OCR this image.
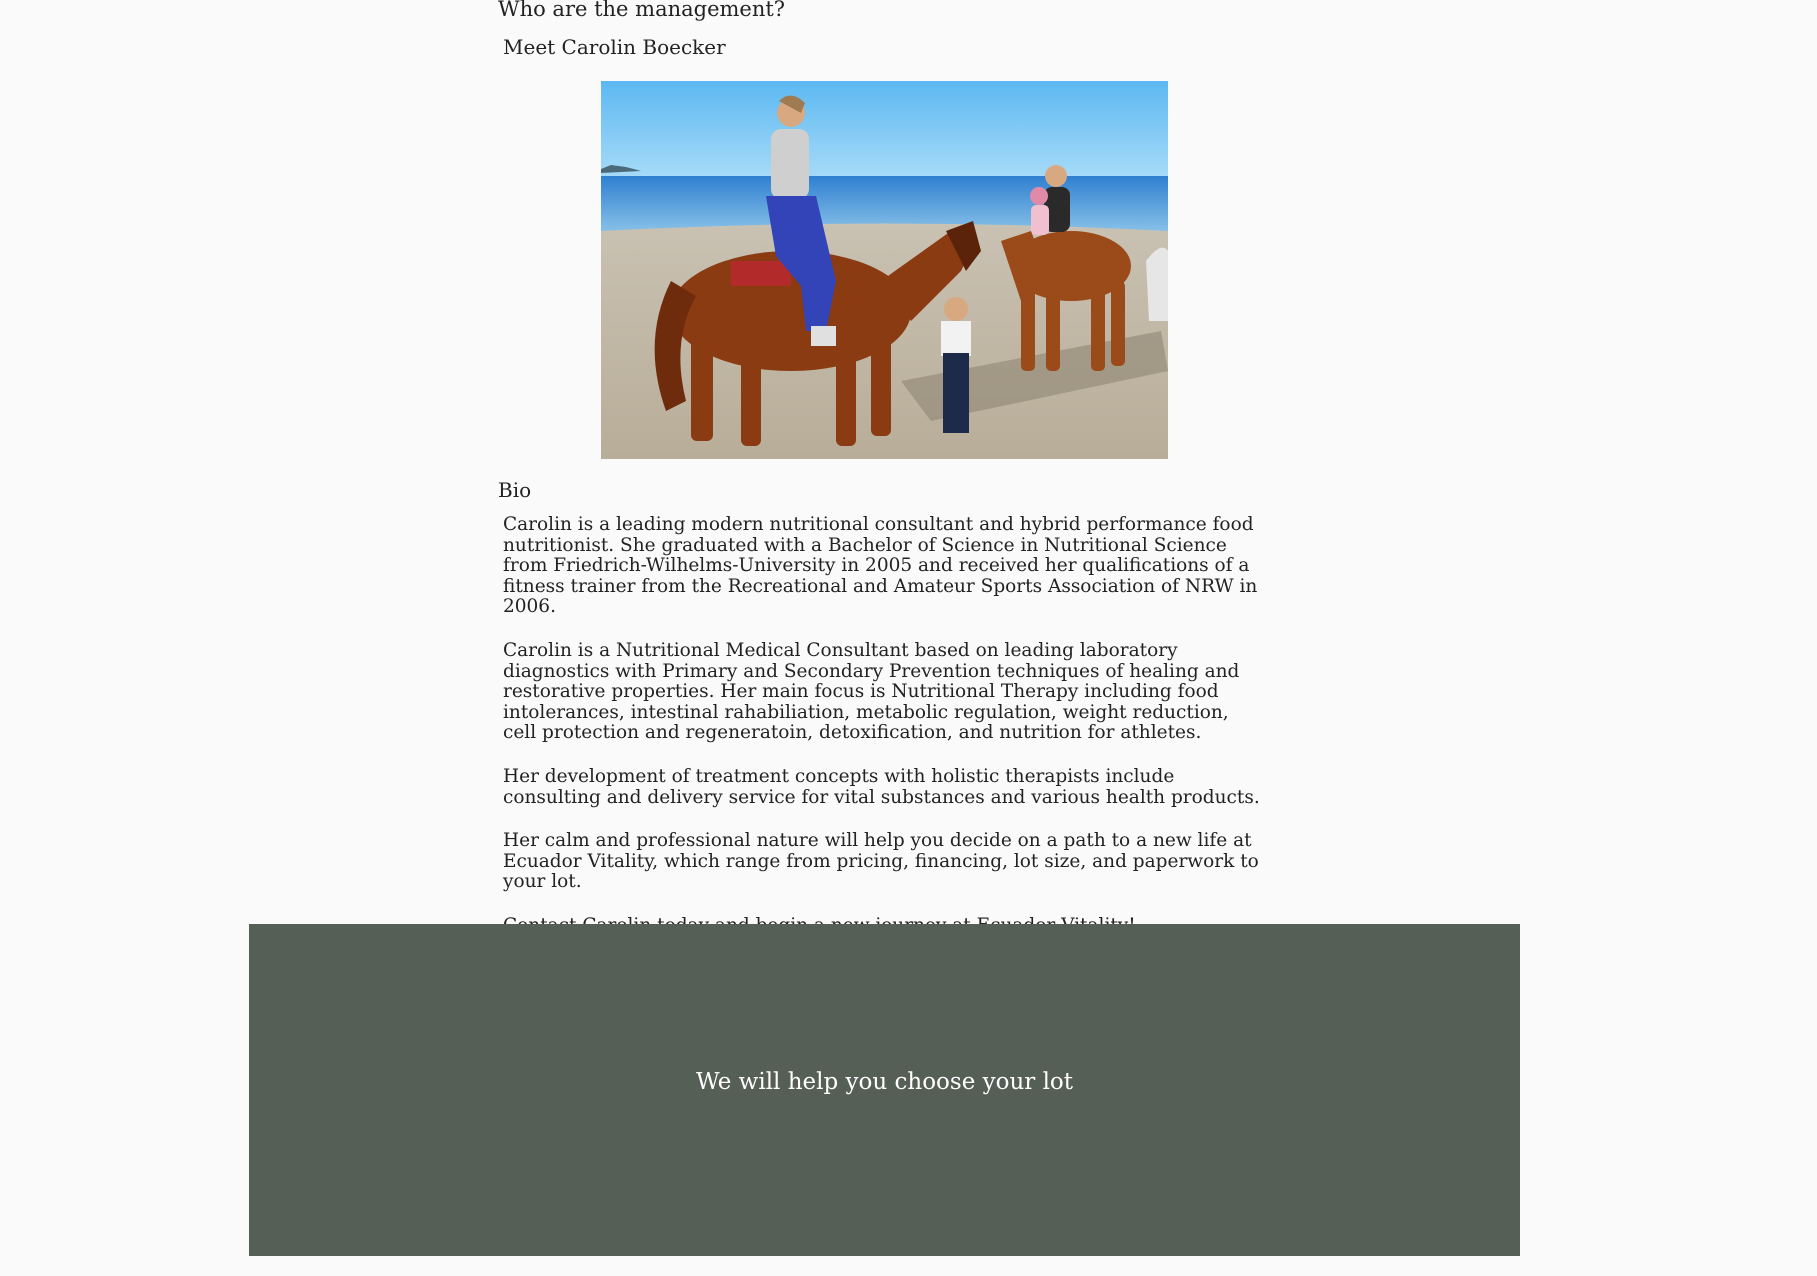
Who are the management?
Meet Carolin Boecker
Bio

Carolin is a leading modern nutritional consultant and hybrid performance food nutritionist. She graduated with a Bachelor of Science in Nutritional Science from Friedrich-Wilhelms-University in 2005 and received her qualifications of a fitness trainer from the Recreational and Amateur Sports Association of NRW in 2006.

Carolin is a Nutritional Medical Consultant based on leading laboratory diagnostics with Primary and Secondary Prevention techniques of healing and restorative properties. Her main focus is Nutritional Therapy including food intolerances, intestinal rahabiliation, metabolic regulation, weight reduction, cell protection and regeneratoin, detoxification, and nutrition for athletes.

Her development of treatment concepts with holistic therapists include consulting and delivery service for vital substances and various health products.

Her calm and professional nature will help you decide on a path to a new life at Ecuador Vitality, which range from pricing, financing, lot size, and paperwork to your lot.

We will help you choose your lot
